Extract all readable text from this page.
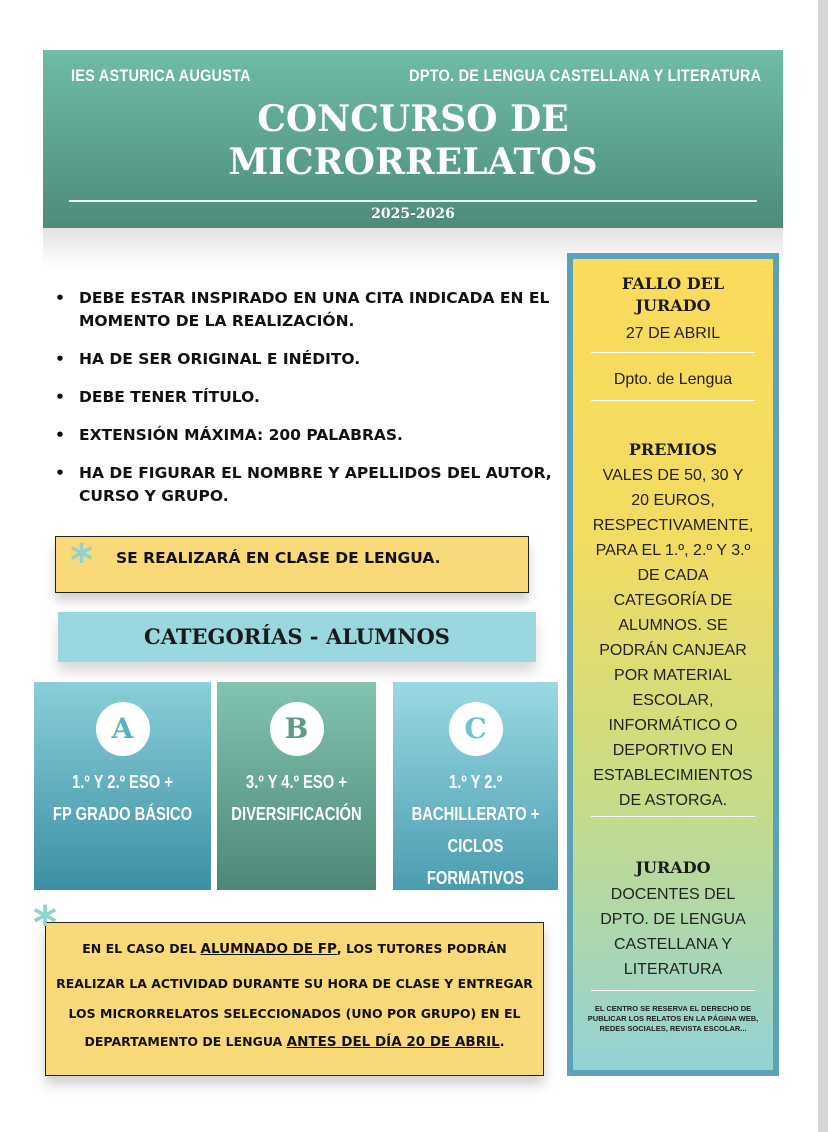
IES ASTURICA AUGUSTA	DPTO. DE LENGUA CASTELLANA Y LITERATURA
CONCURSO DE
MICRORRELATOS
2025-2026
• DEBE ESTAR INSPIRADO EN UNA CITA INDICADA EN EL MOMENTO DE LA REALIZACIÓN.
• HA DE SER ORIGINAL E INÉDITO.
• DEBE TENER TÍTULO.
• EXTENSIÓN MÁXIMA: 200 PALABRAS.
• HA DE FIGURAR EL NOMBRE Y APELLIDOS DEL AUTOR, CURSO Y GRUPO.
* SE REALIZARÁ EN CLASE DE LENGUA.
CATEGORÍAS - ALUMNOS
A
1.º Y 2.º ESO +
FP GRADO BÁSICO
B
3.º Y 4.º ESO +
DIVERSIFICACIÓN
C
1.º Y 2.º
BACHILLERATO +
CICLOS
FORMATIVOS
EN EL CASO DEL ALUMNADO DE FP, LOS TUTORES PODRÁN
REALIZAR LA ACTIVIDAD DURANTE SU HORA DE CLASE Y ENTREGAR
LOS MICRORRELATOS SELECCIONADOS (UNO POR GRUPO) EN EL
DEPARTAMENTO DE LENGUA ANTES DEL DÍA 20 DE ABRIL.
*
FALLO DEL
JURADO
27 DE ABRIL
Dpto. de Lengua
PREMIOS
VALES DE 50, 30 Y
20 EUROS,
RESPECTIVAMENTE,
PARA EL 1.º, 2.º Y 3.º
DE CADA
CATEGORÍA DE
ALUMNOS. SE
PODRÁN CANJEAR
POR MATERIAL
ESCOLAR,
INFORMÁTICO O
DEPORTIVO EN
ESTABLECIMIENTOS
DE ASTORGA.
JURADO
DOCENTES DEL
DPTO. DE LENGUA
CASTELLANA Y
LITERATURA
EL CENTRO SE RESERVA EL DERECHO DE PUBLICAR LOS RELATOS EN LA PÁGINA WEB, REDES SOCIALES, REVISTA ESCOLAR...
